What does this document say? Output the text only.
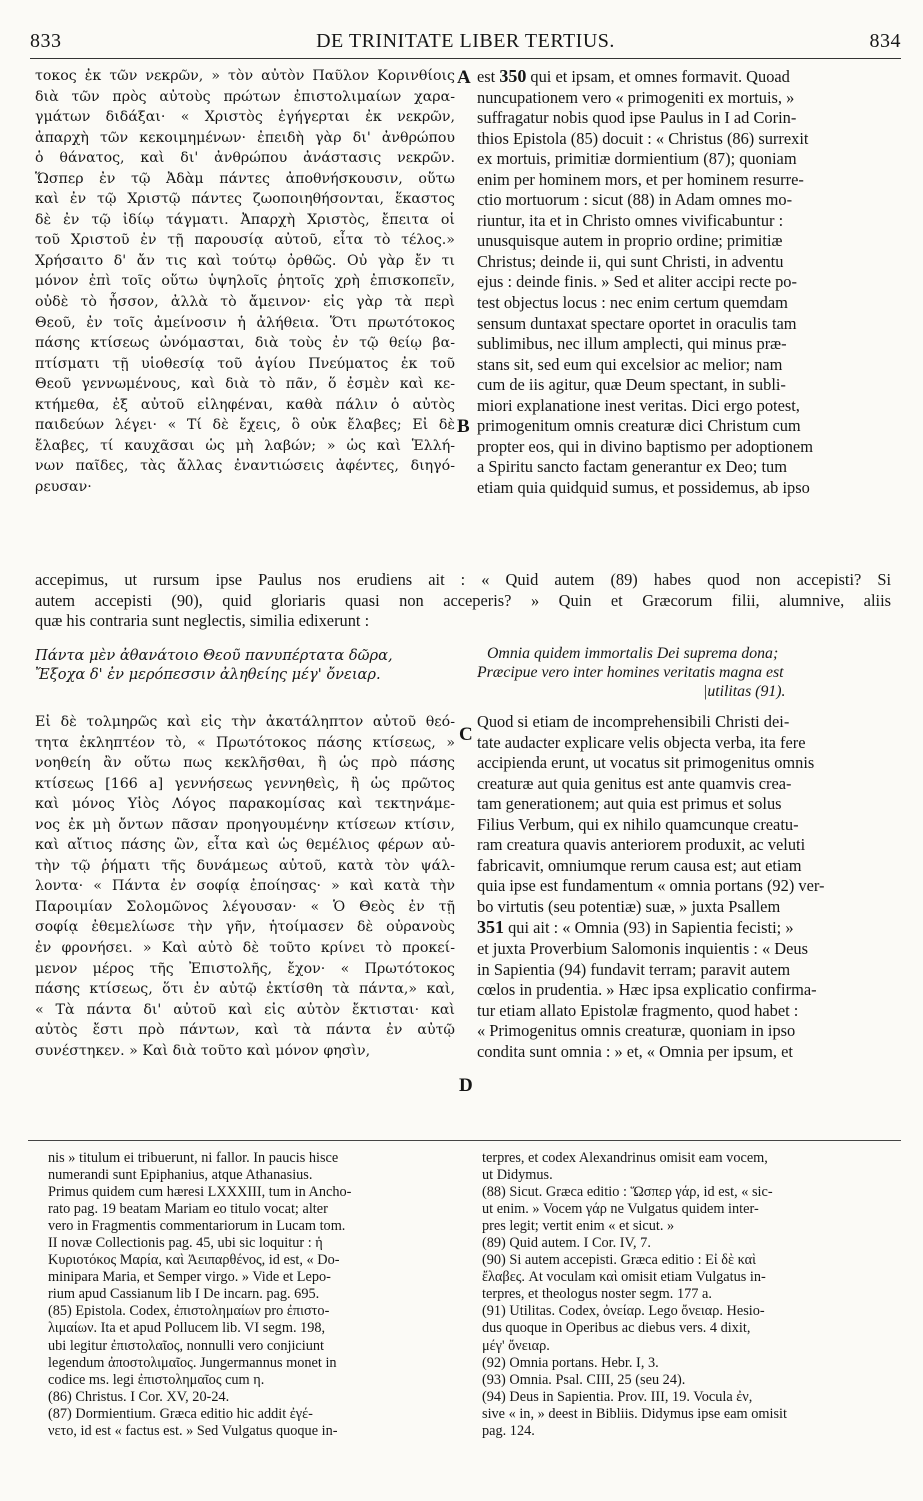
833	DE TRINITATE LIBER TERTIUS.	834
τοκος ἐκ τῶν νεκρῶν, » τὸν αὐτὸν Παῦλον Κορινθίοις
διὰ τῶν πρὸς αὐτοὺς πρώτων ἐπιστολιμαίων χαρα-
γμάτων διδάξαι· « Χριστὸς ἐγήγερται ἐκ νεκρῶν,
ἀπαρχὴ τῶν κεκοιμημένων· ἐπειδὴ γὰρ δι' ἀνθρώπου
ὁ θάνατος, καὶ δι' ἀνθρώπου ἀνάστασις νεκρῶν.
Ὥσπερ ἐν τῷ Ἀδὰμ πάντες ἀποθνήσκουσιν, οὕτω
καὶ ἐν τῷ Χριστῷ πάντες ζωοποιηθήσονται, ἕκαστος
δὲ ἐν τῷ ἰδίῳ τάγματι. Ἀπαρχὴ Χριστὸς, ἔπειτα οἱ
τοῦ Χριστοῦ ἐν τῇ παρουσίᾳ αὐτοῦ, εἶτα τὸ τέλος.»
Χρήσαιτο δ' ἄν τις καὶ τούτῳ ὀρθῶς. Οὐ γὰρ ἔν τι
μόνον ἐπὶ τοῖς οὕτω ὑψηλοῖς ῥητοῖς χρὴ ἐπισκοπεῖν,
οὐδὲ τὸ ἧσσον, ἀλλὰ τὸ ἄμεινον· εἰς γὰρ τὰ περὶ
Θεοῦ, ἐν τοῖς ἀμείνοσιν ἡ ἀλήθεια. Ὅτι πρωτότοκος
πάσης κτίσεως ὠνόμασται, διὰ τοὺς ἐν τῷ θείῳ βα-
πτίσματι τῇ υἱοθεσίᾳ τοῦ ἁγίου Πνεύματος ἐκ τοῦ
Θεοῦ γεννωμένους, καὶ διὰ τὸ πᾶν, ὅ ἐσμὲν καὶ κε-
κτήμεθα, ἐξ αὐτοῦ εἰληφέναι, καθὰ πάλιν ὁ αὐτὸς
παιδεύων λέγει· « Τί δὲ ἔχεις, ὃ οὐκ ἔλαβες; Εἰ δὲ
ἔλαβες, τί καυχᾶσαι ὡς μὴ λαβών; » ὡς καὶ Ἑλλή-
νων παῖδες, τὰς ἄλλας ἐναντιώσεις ἀφέντες, διηγό-
ρευσαν·
est 350 qui et ipsam, et omnes formavit. Quoad
nuncupationem vero « primogeniti ex mortuis, »
suffragatur nobis quod ipse Paulus in I ad Corin-
thios Epistola (85) docuit : « Christus (86) surrexit
ex mortuis, primitiæ dormientium (87); quoniam
enim per hominem mors, et per hominem resurre-
ctio mortuorum : sicut (88) in Adam omnes mo-
riuntur, ita et in Christo omnes vivificabuntur :
unusquisque autem in proprio ordine; primitiæ
Christus; deinde ii, qui sunt Christi, in adventu
ejus : deinde finis. » Sed et aliter accipi recte po-
test objectus locus : nec enim certum quemdam
sensum duntaxat spectare oportet in oraculis tam
sublimibus, nec illum amplecti, qui minus præ-
stans sit, sed eum qui excelsior ac melior; nam
cum de iis agitur, quæ Deum spectant, in subli-
miori explanatione inest veritas. Dici ergo potest,
primogenitum omnis creaturæ dici Christum cum
propter eos, qui in divino baptismo per adoptionem
a Spiritu sancto factam generantur ex Deo; tum
etiam quia quidquid sumus, et possidemus, ab ipso
A
B
C
D
accepimus, ut rursum ipse Paulus nos erudiens ait : « Quid autem (89) habes quod non accepisti? Si
autem accepisti (90), quid gloriaris quasi non acceperis? » Quin et Græcorum filii, alumnive, aliis
quæ his contraria sunt neglectis, similia edixerunt :
Πάντα μὲν ἀθανάτοιο Θεοῦ πανυπέρτατα δῶρα,
Ἔξοχα δ' ἐν μερόπεσσιν ἀληθείης μέγ' ὄνειαρ.
Omnia quidem immortalis Dei suprema dona;
Præcipue vero inter homines veritatis magna est
|utilitas (91).
Εἰ δὲ τολμηρῶς καὶ εἰς τὴν ἀκατάληπτον αὐτοῦ θεό-
τητα ἐκληπτέον τὸ, « Πρωτότοκος πάσης κτίσεως, »
νοηθείη ἂν οὕτω πως κεκλῆσθαι, ἢ ὡς πρὸ πάσης
κτίσεως [166 a] γεννήσεως γεννηθεὶς, ἢ ὡς πρῶτος
καὶ μόνος Υἱὸς Λόγος παρακομίσας καὶ τεκτηνάμε-
νος ἐκ μὴ ὄντων πᾶσαν προηγουμένην κτίσεων κτίσιν,
καὶ αἴτιος πάσης ὢν, εἶτα καὶ ὡς θεμέλιος φέρων αὐ-
τὴν τῷ ῥήματι τῆς δυνάμεως αὐτοῦ, κατὰ τὸν ψάλ-
λοντα· « Πάντα ἐν σοφίᾳ ἐποίησας· » καὶ κατὰ τὴν
Παροιμίαν Σολομῶνος λέγουσαν· « Ὁ Θεὸς ἐν τῇ
σοφίᾳ ἐθεμελίωσε τὴν γῆν, ἡτοίμασεν δὲ οὐρανοὺς
ἐν φρονήσει. » Καὶ αὐτὸ δὲ τοῦτο κρίνει τὸ προκεί-
μενον μέρος τῆς Ἐπιστολῆς, ἔχον· « Πρωτότοκος
πάσης κτίσεως, ὅτι ἐν αὐτῷ ἐκτίσθη τὰ πάντα,» καὶ,
« Τὰ πάντα δι' αὐτοῦ καὶ εἰς αὐτὸν ἔκτισται· καὶ
αὐτὸς ἔστι πρὸ πάντων, καὶ τὰ πάντα ἐν αὐτῷ
συνέστηκεν. » Καὶ διὰ τοῦτο καὶ μόνον φησὶν,
Quod si etiam de incomprehensibili Christi dei-
tate audacter explicare velis objecta verba, ita fere
accipienda erunt, ut vocatus sit primogenitus omnis
creaturæ aut quia genitus est ante quamvis crea-
tam generationem; aut quia est primus et solus
Filius Verbum, qui ex nihilo quamcunque creatu-
ram creatura quavis anteriorem produxit, ac veluti
fabricavit, omniumque rerum causa est; aut etiam
quia ipse est fundamentum « omnia portans (92) ver-
bo virtutis (seu potentiæ) suæ, » juxta Psallem
351 qui ait : « Omnia (93) in Sapientia fecisti; »
et juxta Proverbium Salomonis inquientis : « Deus
in Sapientia (94) fundavit terram; paravit autem
cœlos in prudentia. » Hæc ipsa explicatio confirma-
tur etiam allato Epistolæ fragmento, quod habet :
« Primogenitus omnis creaturæ, quoniam in ipso
condita sunt omnia : » et, « Omnia per ipsum, et
nis » titulum ei tribuerunt, ni fallor. In paucis hisce
numerandi sunt Epiphanius, atque Athanasius.
Primus quidem cum hæresi LXXXIII, tum in Ancho-
rato pag. 19 beatam Mariam eo titulo vocat; alter
vero in Fragmentis commentariorum in Lucam tom.
II novæ Collectionis pag. 45, ubi sic loquitur : ἡ
Κυριοτόκος Μαρία, καὶ Ἀειπαρθένος, id est, « Do-
minipara Maria, et Semper virgo. » Vide et Lepo-
rium apud Cassianum lib I De incarn. pag. 695.
(85) Epistola. Codex, ἐπιστολημαίων pro ἐπιστο-
λιμαίων. Ita et apud Pollucem lib. VI segm. 198,
ubi legitur ἐπιστολαῖος, nonnulli vero conjiciunt
legendum ἀποστολιμαῖος. Jungermannus monet in
codice ms. legi ἐπιστολημαῖος cum η.
(86) Christus. I Cor. XV, 20-24.
(87) Dormientium. Græca editio hic addit ἐγέ-
νετο, id est « factus est. » Sed Vulgatus quoque in-
terpres, et codex Alexandrinus omisit eam vocem,
ut Didymus.
(88) Sicut. Græca editio : Ὥσπερ γάρ, id est, « sic-
ut enim. » Vocem γάρ ne Vulgatus quidem inter-
pres legit; vertit enim « et sicut. »
(89) Quid autem. I Cor. IV, 7.
(90) Si autem accepisti. Græca editio : Εἰ δὲ καὶ
ἔλαβες. At voculam καὶ omisit etiam Vulgatus in-
terpres, et theologus noster segm. 177 a.
(91) Utilitas. Codex, ὀνείαρ. Lego ὄνειαρ. Hesio-
dus quoque in Operibus ac diebus vers. 4 dixit,
μέγ' ὄνειαρ.
(92) Omnia portans. Hebr. I, 3.
(93) Omnia. Psal. CIII, 25 (seu 24).
(94) Deus in Sapientia. Prov. III, 19. Vocula ἐν,
sive « in, » deest in Bibliis. Didymus ipse eam omisit
pag. 124.
